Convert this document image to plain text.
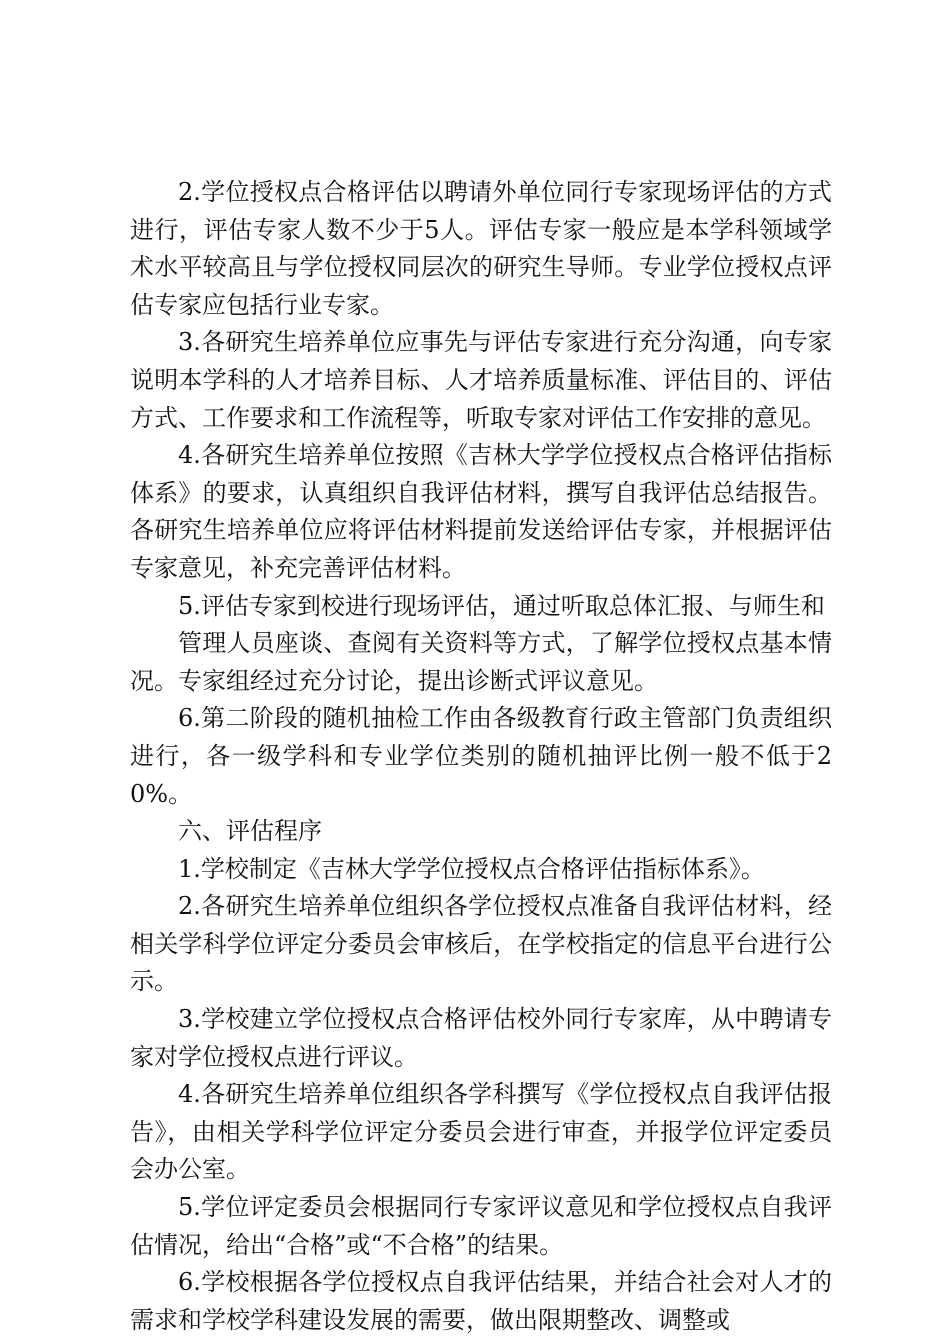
2.学位授权点合格评估以聘请外单位同行专家现场评估的方式进行，评估专家人数不少于5人。评估专家一般应是本学科领域学术水平较高且与学位授权同层次的研究生导师。专业学位授权点评估专家应包括行业专家。

3.各研究生培养单位应事先与评估专家进行充分沟通，向专家说明本学科的人才培养目标、人才培养质量标准、评估目的、评估方式、工作要求和工作流程等，听取专家对评估工作安排的意见。

4.各研究生培养单位按照《吉林大学学位授权点合格评估指标体系》的要求，认真组织自我评估材料，撰写自我评估总结报告。各研究生培养单位应将评估材料提前发送给评估专家，并根据评估专家意见，补充完善评估材料。

5.评估专家到校进行现场评估，通过听取总体汇报、与师生和

管理人员座谈、查阅有关资料等方式，了解学位授权点基本情况。专家组经过充分讨论，提出诊断式评议意见。

6.第二阶段的随机抽检工作由各级教育行政主管部门负责组织进行，各一级学科和专业学位类别的随机抽评比例一般不低于20%。

六、评估程序

1.学校制定《吉林大学学位授权点合格评估指标体系》。

2.各研究生培养单位组织各学位授权点准备自我评估材料，经相关学科学位评定分委员会审核后，在学校指定的信息平台进行公示。

3.学校建立学位授权点合格评估校外同行专家库，从中聘请专家对学位授权点进行评议。

4.各研究生培养单位组织各学科撰写《学位授权点自我评估报告》，由相关学科学位评定分委员会进行审查，并报学位评定委员会办公室。

5.学位评定委员会根据同行专家评议意见和学位授权点自我评估情况，给出“合格”或“不合格”的结果。

6.学校根据各学位授权点自我评估结果，并结合社会对人才的需求和学校学科建设发展的需要，做出限期整改、调整或
